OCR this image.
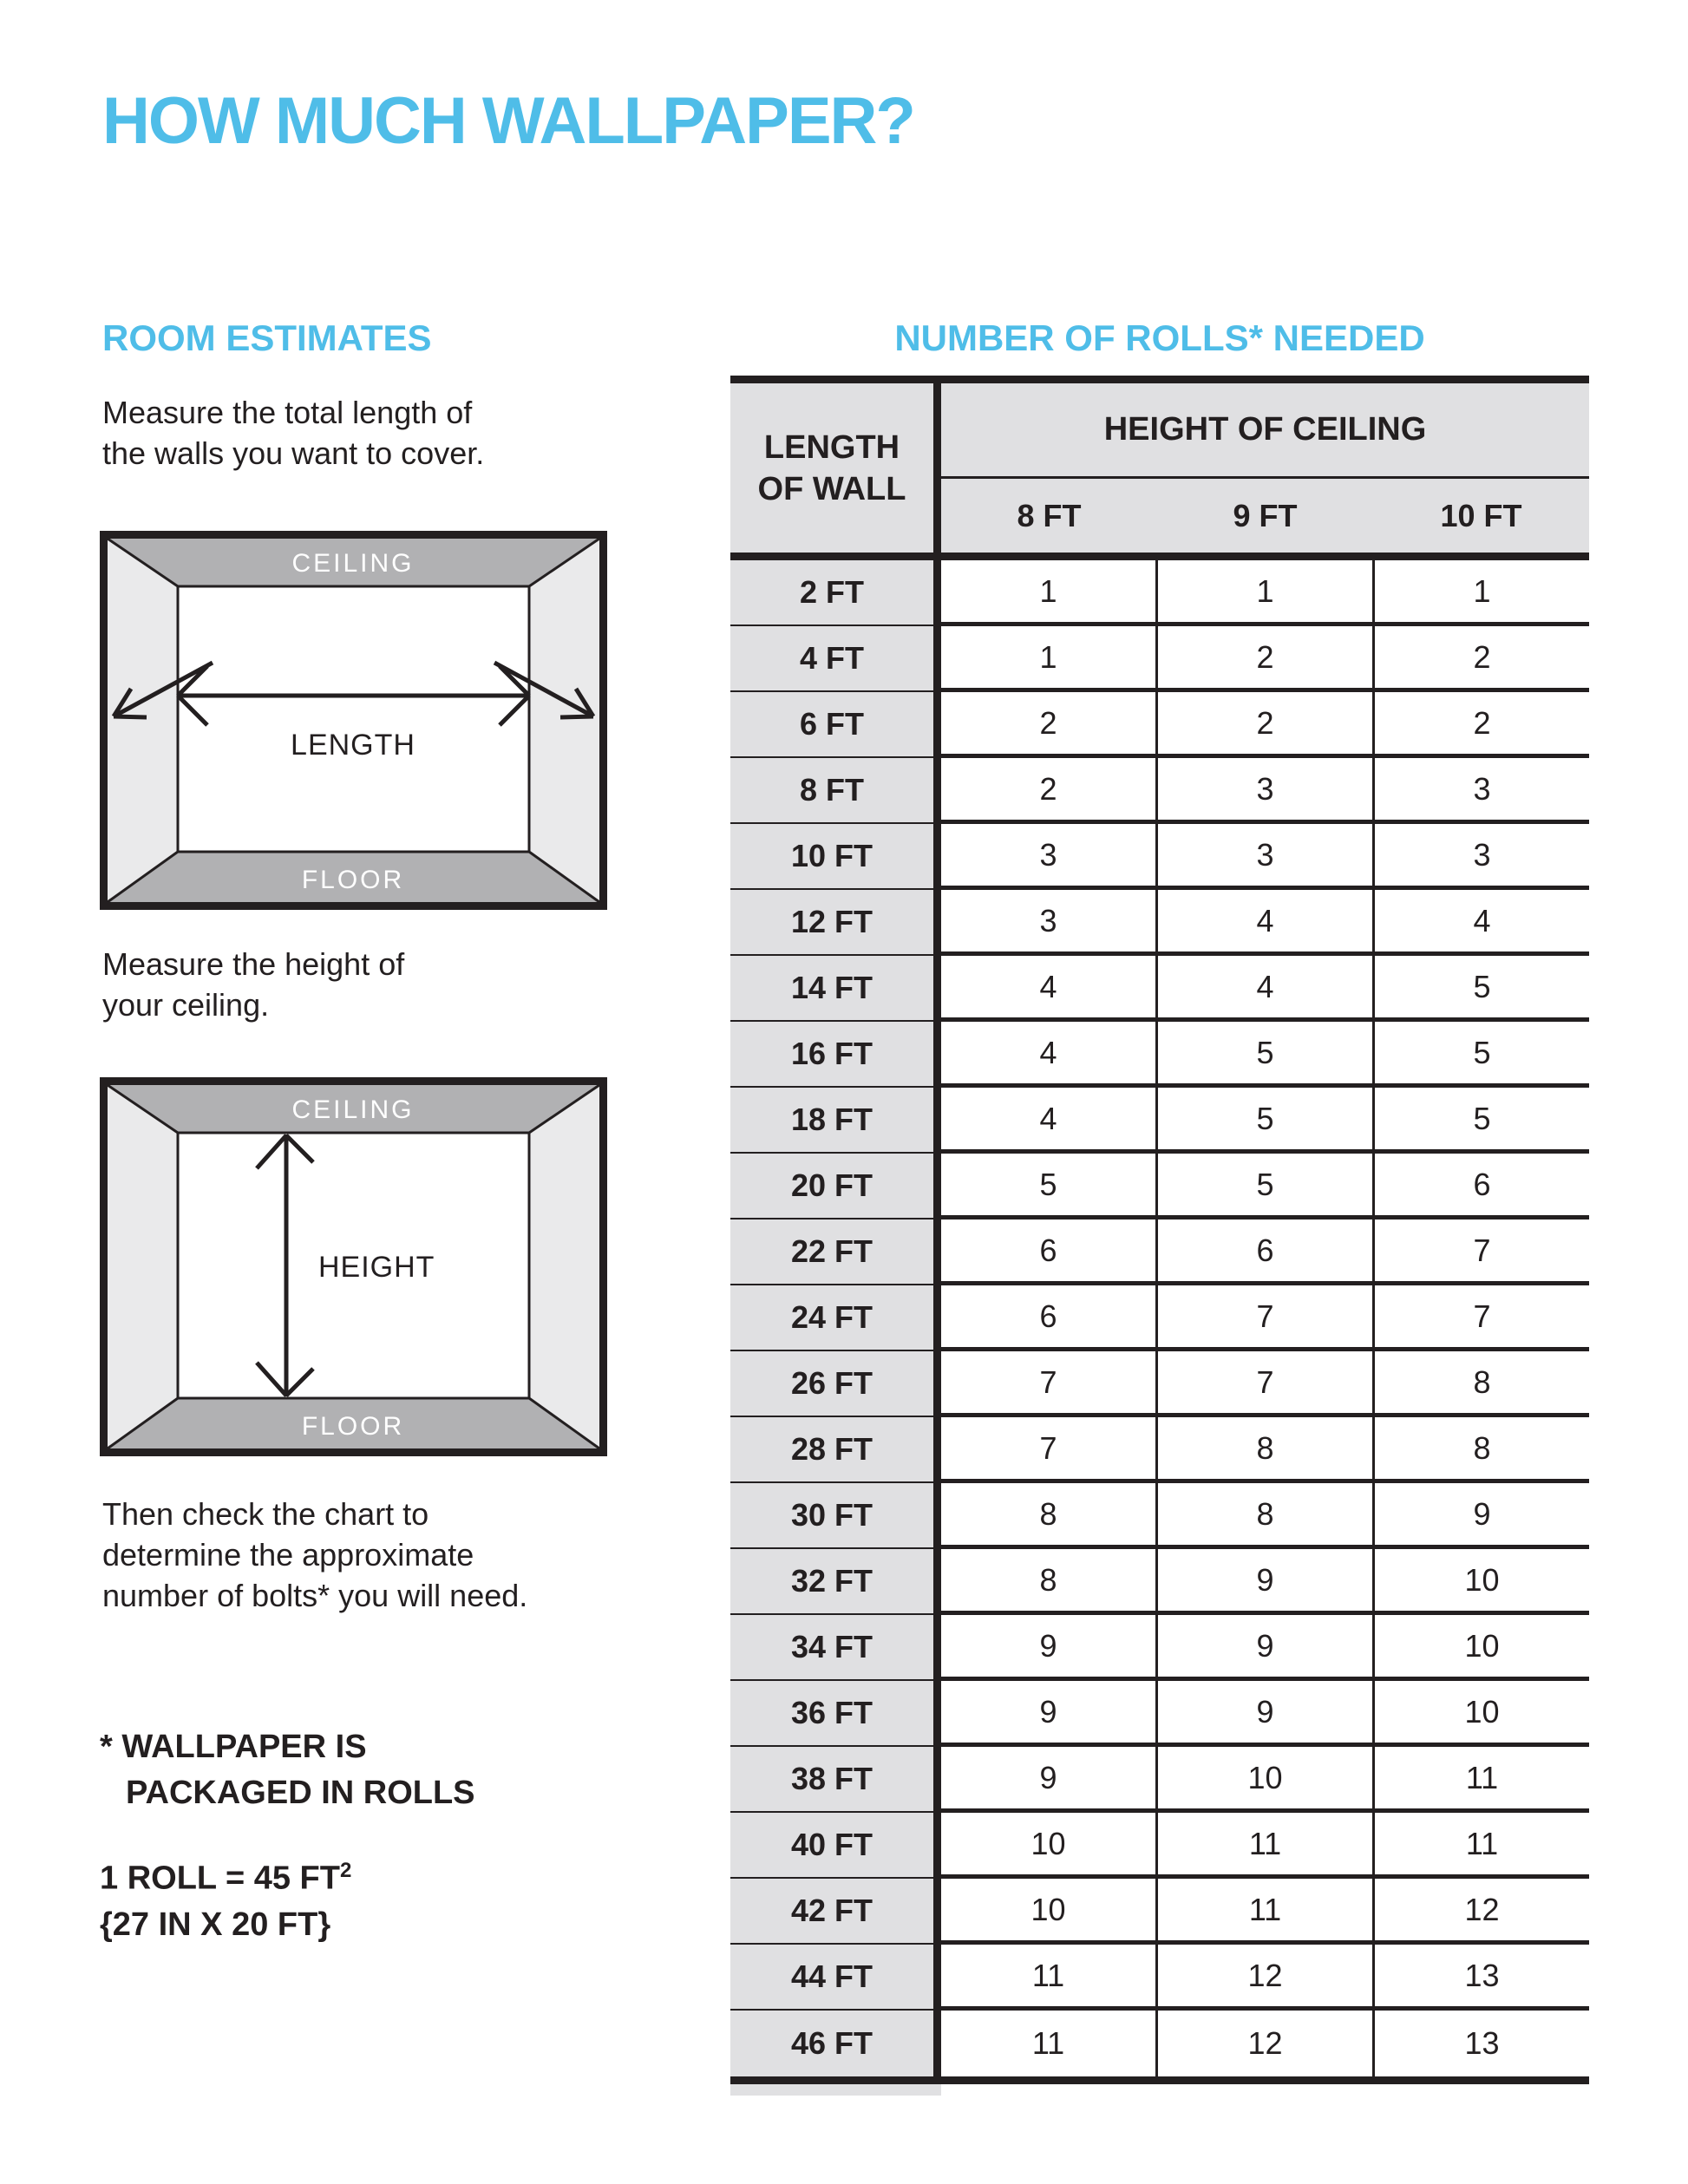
HOW MUCH WALLPAPER?
ROOM ESTIMATES
Measure the total length of
the walls you want to cover.
CEILING
FLOOR
LENGTH
Measure the height of
your ceiling.
CEILING
FLOOR
HEIGHT
Then check the chart to
determine the approximate
number of bolts* you will need.
* WALLPAPER IS
PACKAGED IN ROLLS
1 ROLL = 45 $FT^2$
{27 IN X 20 FT}
NUMBER OF ROLLS* NEEDED
LENGTH
OF WALL
HEIGHT OF CEILING
8 FT	9 FT	10 FT
2 FT	1	1	1
4 FT	1	2	2
6 FT	2	2	2
8 FT	2	3	3
10 FT	3	3	3
12 FT	3	4	4
14 FT	4	4	5
16 FT	4	5	5
18 FT	4	5	5
20 FT	5	5	6
22 FT	6	6	7
24 FT	6	7	7
26 FT	7	7	8
28 FT	7	8	8
30 FT	8	8	9
32 FT	8	9	10
34 FT	9	9	10
36 FT	9	9	10
38 FT	9	10	11
40 FT	10	11	11
42 FT	10	11	12
44 FT	11	12	13
46 FT	11	12	13
